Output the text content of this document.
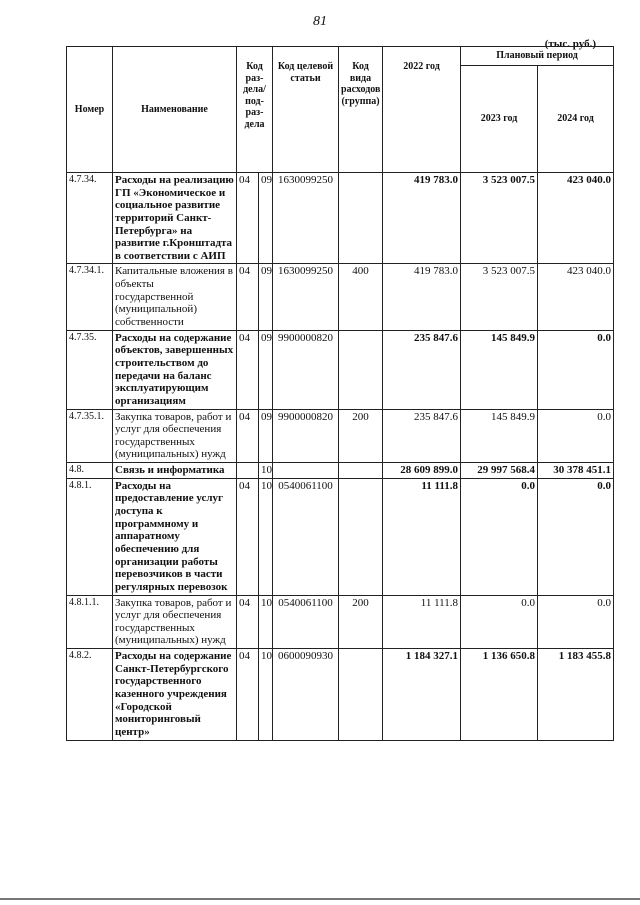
81
(тыс. руб.)
Номер	Наименование	Код раз- дела/ под- раз- дела		Код целевой статьи	Код вида расходов (группа)	2022 год	Плановый период	
							2023 год	2024 год
4.7.34.	Расходы на реализацию ГП «Экономическое и социальное развитие территорий Санкт-Петербурга» на развитие г.Кронштадта в соответствии с АИП	04	09	1630099250		419 783.0	3 523 007.5	423 040.0
4.7.34.1.	Капитальные вложения в объекты государственной (муниципальной) собственности	04	09	1630099250	400	419 783.0	3 523 007.5	423 040.0
4.7.35.	Расходы на содержание объектов, завершенных строительством до передачи на баланс эксплуатирующим организациям	04	09	9900000820		235 847.6	145 849.9	0.0
4.7.35.1.	Закупка товаров, работ и услуг для обеспечения государственных (муниципальных) нужд	04	09	9900000820	200	235 847.6	145 849.9	0.0
4.8.	Связь и информатика		10			28 609 899.0	29 997 568.4	30 378 451.1
4.8.1.	Расходы на предоставление услуг доступа к программному и аппаратному обеспечению для организации работы перевозчиков в части регулярных перевозок	04	10	0540061100		11 111.8	0.0	0.0
4.8.1.1.	Закупка товаров, работ и услуг для обеспечения государственных (муниципальных) нужд	04	10	0540061100	200	11 111.8	0.0	0.0
4.8.2.	Расходы на содержание Санкт-Петербургского государственного казенного учреждения «Городской мониторинговый центр»	04	10	0600090930		1 184 327.1	1 136 650.8	1 183 455.8
